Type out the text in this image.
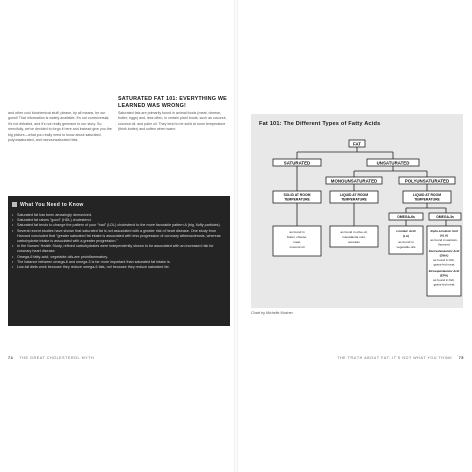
and other cool biochemical stuff; please, by all means, be our guest! That information is widely available. It's not controversial, it's not debated, and it's not really germane to our story. So, mercifully, we've decided to forgo it here and instead give you the big picture—what you really need to know about saturated, polyunsaturated, and monounsaturated fats.
SATURATED FAT 101: EVERYTHING WE LEARNED WAS WRONG!
Saturated fats are primarily found in animal foods (meat, cheese, butter, eggs) and, less often, in certain plant foods, such as coconut, coconut oil, and palm oil. They tend to be solid at room temperature (think butter) and soften when warm.
What You Need to Know
• Saturated fat has been amazingly demonized.
• Saturated fat raises "good" (HDL) cholesterol.
• Saturated fat tends to change the pattern of your "bad" (LDL) cholesterol to the more favorable pattern A (big, fluffy particles).
• Several recent studies have shown that saturated fat is not associated with a greater risk of heart disease. One study from Harvard concluded that "greater saturated fat intake is associated with less progression of coronary atherosclerosis, whereas carbohydrate intake is associated with a greater progression."
• In the Nurses' Health Study, refined carbohydrates were independently shown to be associated with an increased risk for coronary heart disease.
• Omega-6 fatty-acid, vegetable-oils-are proinflammatory.
• The balance between omega-6 and omega-3 is far more important than saturated fat intake is.
• Low-fat diets work because they reduce omega-6 fats, not because they reduce saturated fat.
74 THE GREAT CHOLESTEROL MYTH
Fat 101: The Different Types of Fatty Acids
FAT
SATURATED	UNSATURATED
MONOUNSATURATED	POLYUNSATURATED
SOLID AT ROOM
TEMPERATURE
LIQUID AT ROOM
TEMPERATURE
LIQUID AT ROOM
TEMPERATURE
OMEGA-6s	OMEGA-3s
as found in
butter, cheese,
meat,
coconut oil
as found in olive oil,
macadamia nuts,
avocado
Linoleic Acid
(LA)
as found in
vegetable oils
Alpha-Linolenic Acid
(ALA)
as found in walnuts,
flaxseed
Docosahexaenoic Acid
(DHA)
as found in fish,
grass-fed meat
Eicosapentaenoic Acid
(EPA)
as found in fish,
grass-fed meat
Chart by Michelle Mosher
THE TRUTH ABOUT FAT: IT'S NOT WHAT YOU THINK 75
